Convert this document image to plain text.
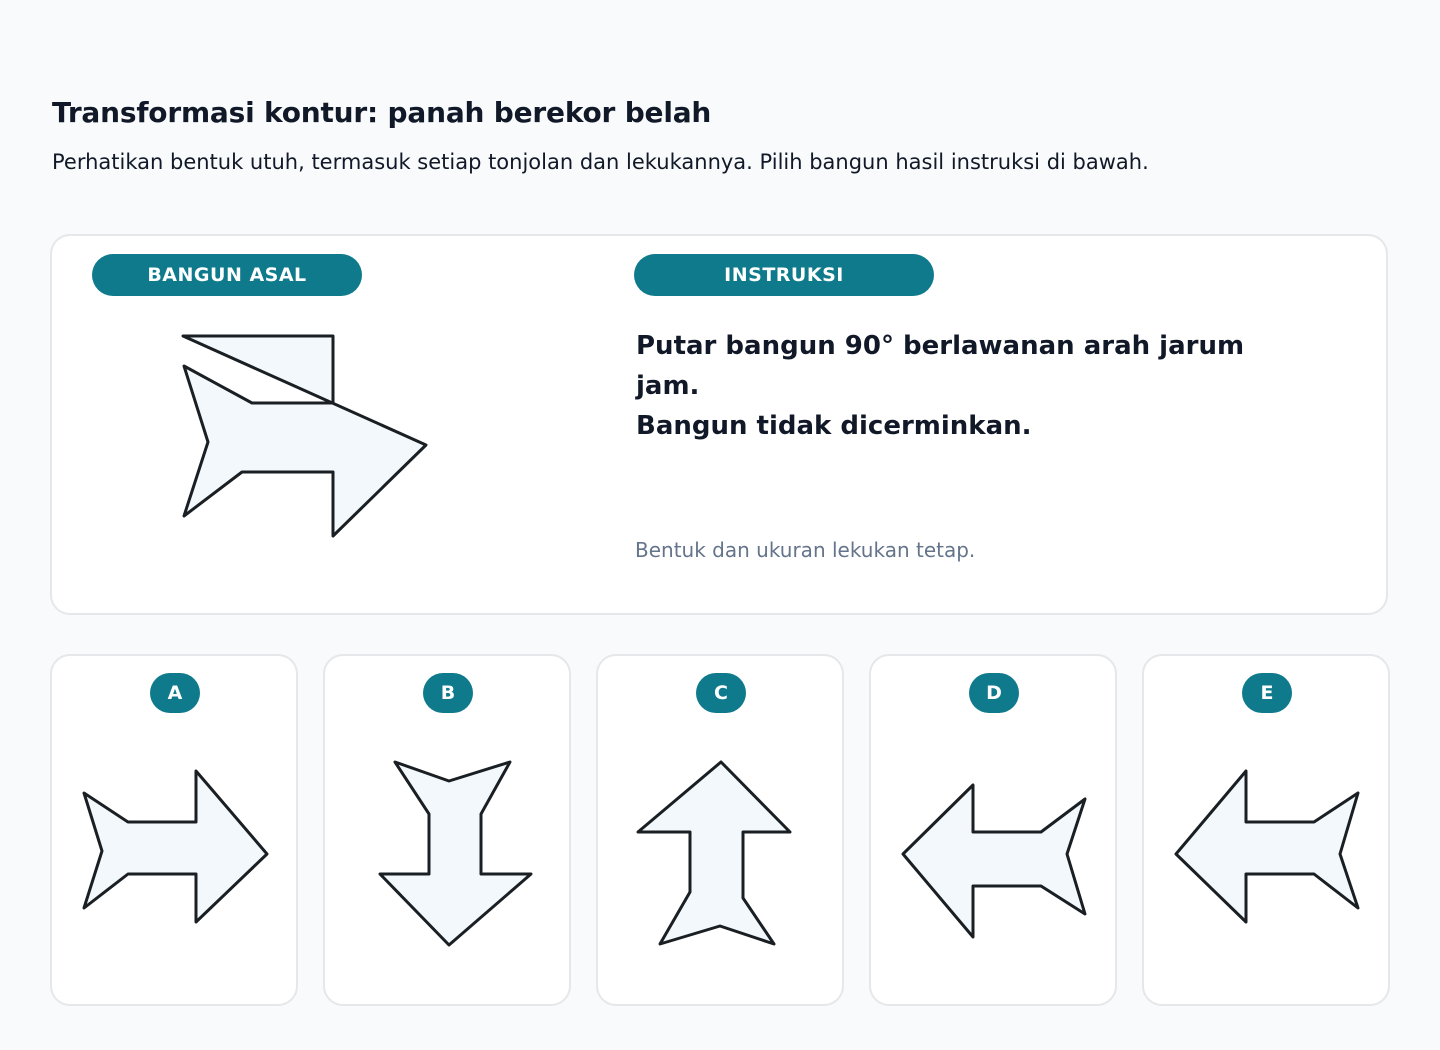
Transformasi kontur: panah berekor belah

Perhatikan bentuk utuh, termasuk setiap tonjolan dan lekukannya. Pilih bangun hasil instruksi di bawah.

BANGUN ASAL	INSTRUKSI

Putar bangun 90° berlawanan arah jarum jam.
Bangun tidak dicerminkan.

Bentuk dan ukuran lekukan tetap.

A	B	C	D	E
